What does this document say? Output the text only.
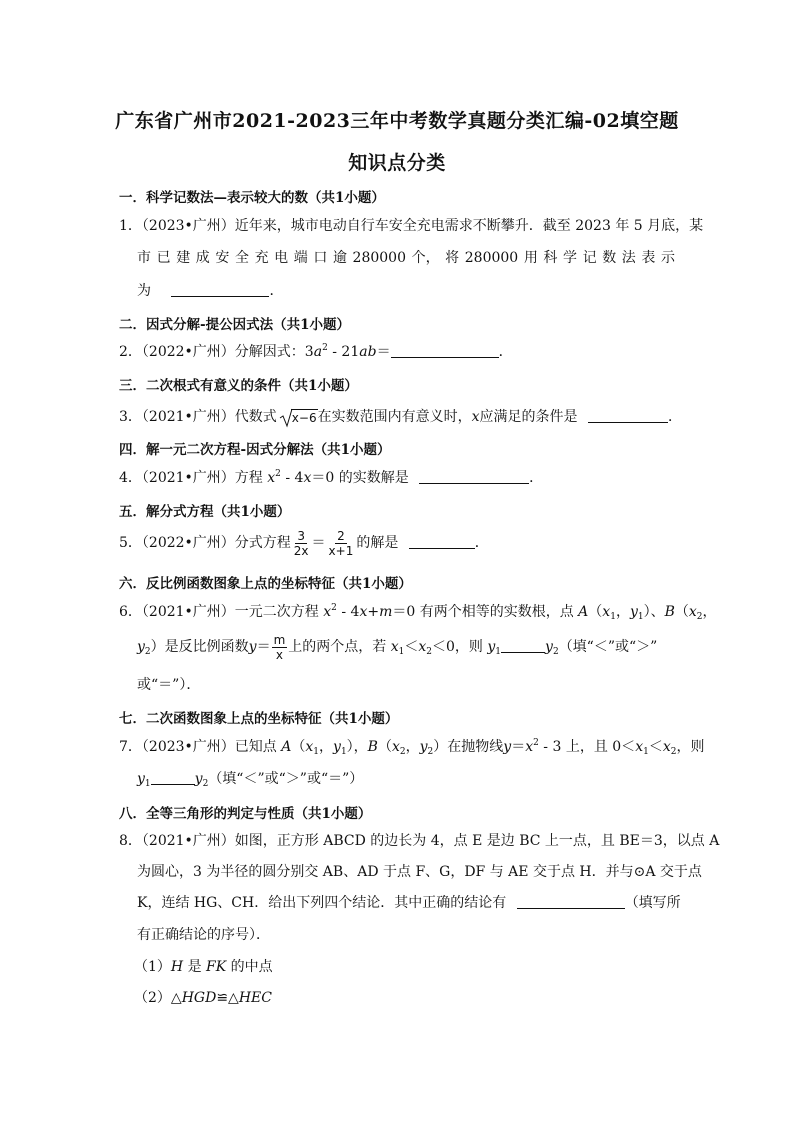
广东省广州市2021-2023三年中考数学真题分类汇编-02填空题
知识点分类
一．科学记数法—表示较大的数（共1小题）
1．（2023•广州）近年来，城市电动自行车安全充电需求不断攀升．截至 2023 年 5 月底，某
市 已 建 成 安 全 充 电 端 口 逾 280000 个， 将 280000 用 科 学 记 数 法 表 示
为	．
二．因式分解-提公因式法（共1小题）
2．（2022•广州）分解因式：$3a^2 - 21ab=$	．
三．二次根式有意义的条件（共1小题）
3．（2021•广州）代数式 x−6在实数范围内有意义时，x应满足的条件是	．
四．解一元二次方程-因式分解法（共1小题）
4．（2021•广州）方程 $x^2 - 4x=0$ 的实数解是	．
五．解分式方程（共1小题）
5．（2022•广州）分式方程 $\frac{3}{2x} = \frac{2}{x+1}$ 的解是	．
六．反比例函数图象上点的坐标特征（共1小题）
6．（2021•广州）一元二次方程 $x^2 - 4x+m=0$ 有两个相等的实数根，点 $A(x_1$，$y_1$）、$B(x_2$，
$y_2$）是反比例函数$y= \frac{m}{x}$ 上的两个点，若 $x_1<x_2<0$，则 $y_1$	$y_2$（填“＜”或“＞”
或“＝”）．
七．二次函数图象上点的坐标特征（共1小题）
7．（2023•广州）已知点 $A(x_1$，$y_1$），$B(x_2$，$y_2$）在抛物线$y=x^2 - 3$ 上，且 $0<x_1<x_2$，则
$y_1$	$y_2$（填“＜”或“＞”或“＝”）
八．全等三角形的判定与性质（共1小题）
8．（2021•广州）如图，正方形 ABCD 的边长为 4，点 E 是边 BC 上一点，且 BE＝3，以点 A
为圆心，3 为半径的圆分别交 AB、AD 于点 F、G，DF 与 AE 交于点 H．并与⊙A 交于点
K，连结 HG、CH．给出下列四个结论．其中正确的结论有	（填写所
有正确结论的序号）．
（1）H 是 FK 的中点
（2）△HGD≌△HEC
